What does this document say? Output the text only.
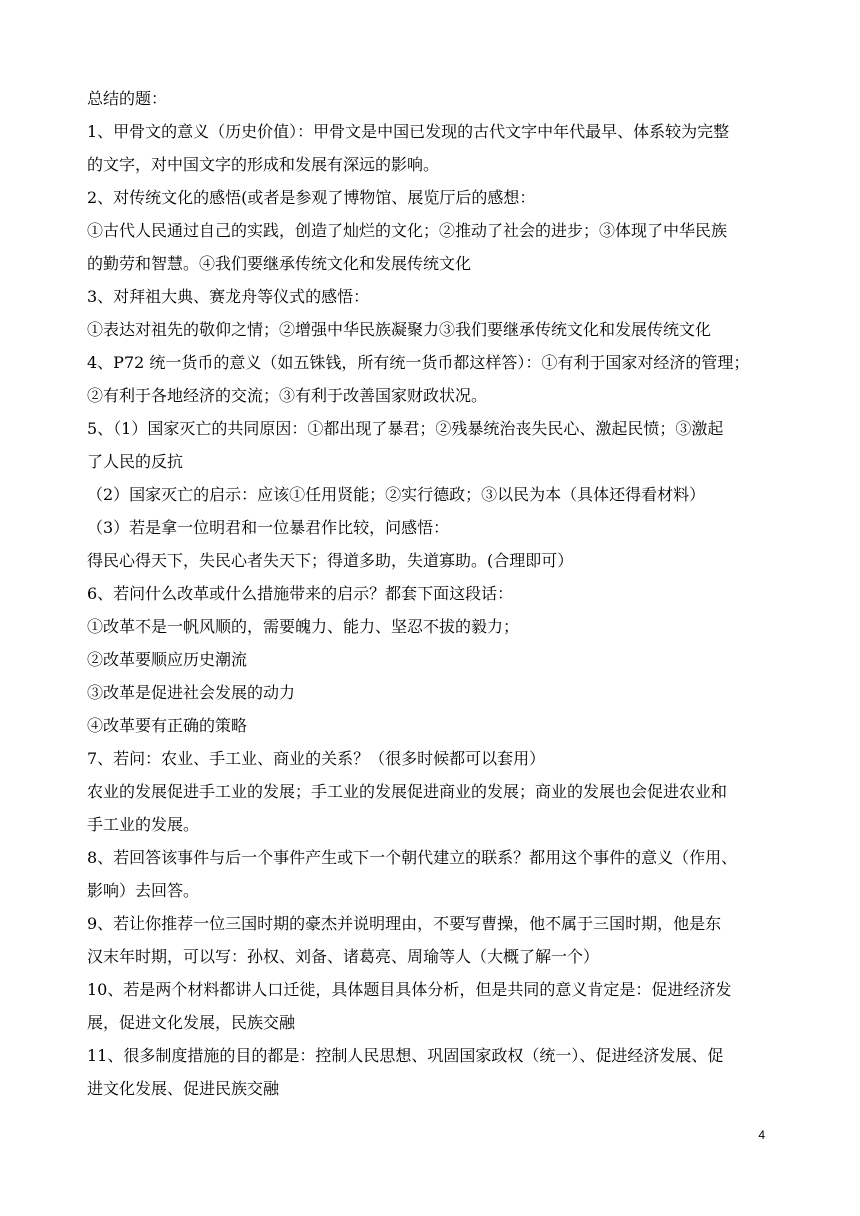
总结的题：
1、甲骨文的意义（历史价值）：甲骨文是中国已发现的古代文字中年代最早、体系较为完整
的文字，对中国文字的形成和发展有深远的影响。
2、对传统文化的感悟(或者是参观了博物馆、展览厅后的感想：
①古代人民通过自己的实践，创造了灿烂的文化；②推动了社会的进步；③体现了中华民族
的勤劳和智慧。④我们要继承传统文化和发展传统文化
3、对拜祖大典、赛龙舟等仪式的感悟：
①表达对祖先的敬仰之情；②增强中华民族凝聚力③我们要继承传统文化和发展传统文化
4、P72 统一货币的意义（如五铢钱，所有统一货币都这样答）：①有利于国家对经济的管理；
②有利于各地经济的交流；③有利于改善国家财政状况。
5、（1）国家灭亡的共同原因：①都出现了暴君；②残暴统治丧失民心、激起民愤；③激起
了人民的反抗
（2）国家灭亡的启示：应该①任用贤能；②实行德政；③以民为本（具体还得看材料）
（3）若是拿一位明君和一位暴君作比较，问感悟：
得民心得天下，失民心者失天下；得道多助，失道寡助。(合理即可）
6、若问什么改革或什么措施带来的启示？都套下面这段话：
①改革不是一帆风顺的，需要魄力、能力、坚忍不拔的毅力；
②改革要顺应历史潮流
③改革是促进社会发展的动力
④改革要有正确的策略
7、若问：农业、手工业、商业的关系？（很多时候都可以套用）
农业的发展促进手工业的发展；手工业的发展促进商业的发展；商业的发展也会促进农业和
手工业的发展。
8、若回答该事件与后一个事件产生或下一个朝代建立的联系？都用这个事件的意义（作用、
影响）去回答。
9、若让你推荐一位三国时期的豪杰并说明理由，不要写曹操，他不属于三国时期，他是东
汉末年时期，可以写：孙权、刘备、诸葛亮、周瑜等人（大概了解一个）
10、若是两个材料都讲人口迁徙，具体题目具体分析，但是共同的意义肯定是：促进经济发
展，促进文化发展，民族交融
11、很多制度措施的目的都是：控制人民思想、巩固国家政权（统一）、促进经济发展、促
进文化发展、促进民族交融
4
